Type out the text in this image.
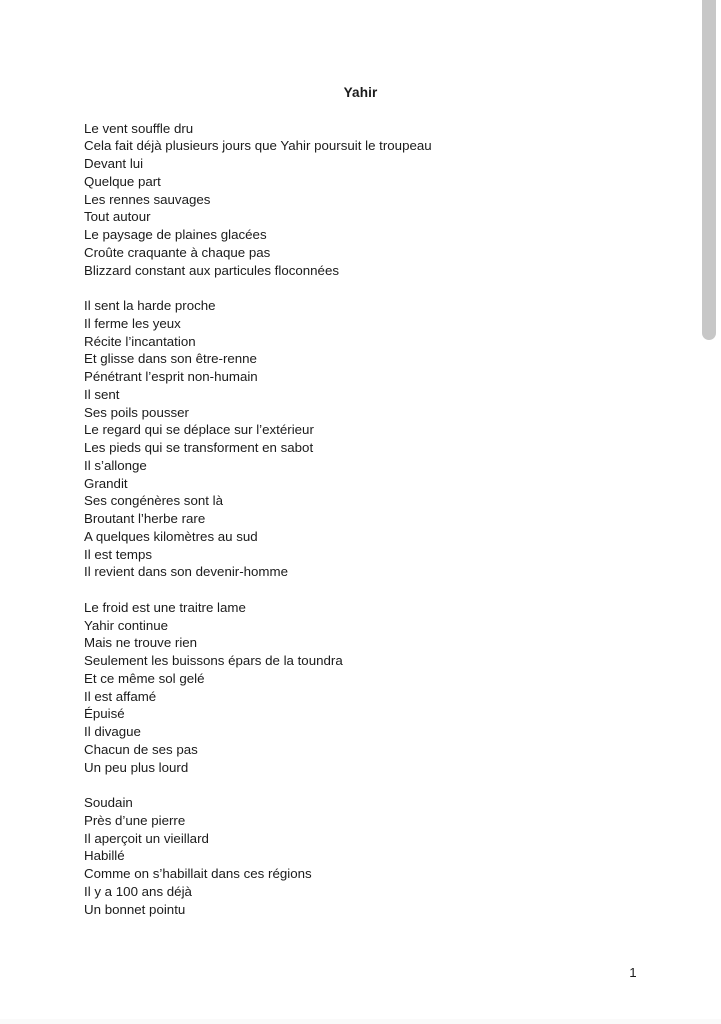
Yahir
Le vent souffle dru
Cela fait déjà plusieurs jours que Yahir poursuit le troupeau
Devant lui
Quelque part
Les rennes sauvages
Tout autour
Le paysage de plaines glacées
Croûte craquante à chaque pas
Blizzard constant aux particules floconnées
Il sent la harde proche
Il ferme les yeux
Récite l’incantation
Et glisse dans son être-renne
Pénétrant l’esprit non-humain
Il sent
Ses poils pousser
Le regard qui se déplace sur l’extérieur
Les pieds qui se transforment en sabot
Il s’allonge
Grandit
Ses congénères sont là
Broutant l’herbe rare
A quelques kilomètres au sud
Il est temps
Il revient dans son devenir-homme
Le froid est une traitre lame
Yahir continue
Mais ne trouve rien
Seulement les buissons épars de la toundra
Et ce même sol gelé
Il est affamé
Épuisé
Il divague
Chacun de ses pas
Un peu plus lourd
Soudain
Près d’une pierre
Il aperçoit un vieillard
Habillé
Comme on s’habillait dans ces régions
Il y a 100 ans déjà
Un bonnet pointu
1
